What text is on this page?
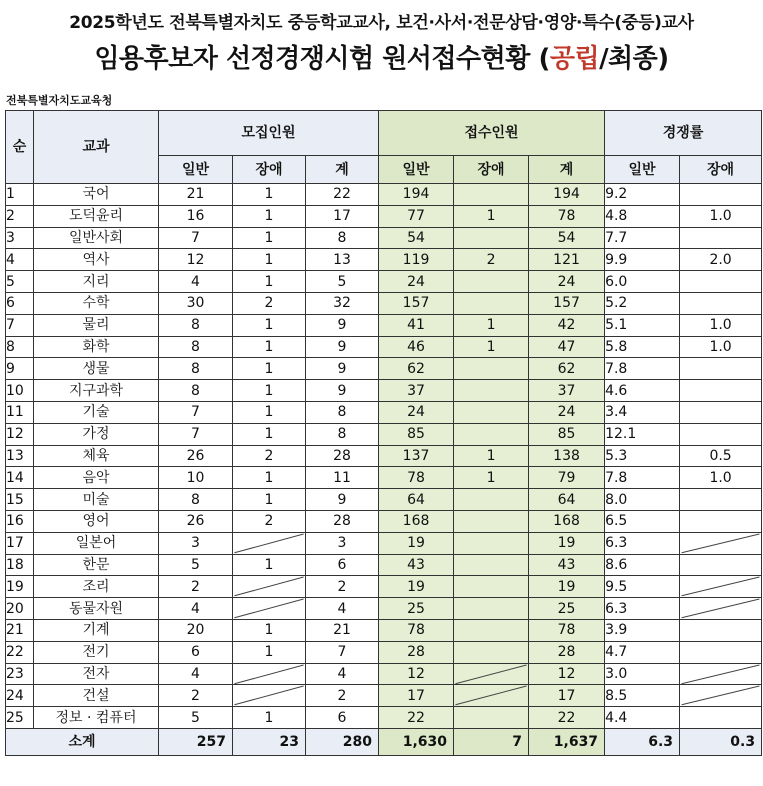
2025학년도 전북특별자치도 중등학교교사, 보건·사서·전문상담·영양·특수(중등)교사
임용후보자 선정경쟁시험 원서접수현황 (공립/최종)
전북특별자치도교육청
순	교과	모집인원			접수인원			경쟁률	
		일반	장애	계	일반	장애	계	일반	장애
1	국어	21	1	22	194		194	9.2	
2	도덕윤리	16	1	17	77	1	78	4.8	1.0
3	일반사회	7	1	8	54		54	7.7	
4	역사	12	1	13	119	2	121	9.9	2.0
5	지리	4	1	5	24		24	6.0	
6	수학	30	2	32	157		157	5.2	
7	물리	8	1	9	41	1	42	5.1	1.0
8	화학	8	1	9	46	1	47	5.8	1.0
9	생물	8	1	9	62		62	7.8	
10	지구과학	8	1	9	37		37	4.6	
11	기술	7	1	8	24		24	3.4	
12	가정	7	1	8	85		85	12.1	
13	체육	26	2	28	137	1	138	5.3	0.5
14	음악	10	1	11	78	1	79	7.8	1.0
15	미술	8	1	9	64		64	8.0	
16	영어	26	2	28	168		168	6.5	
17	일본어	3		3	19		19	6.3	

18	한문	5	1	6	43		43	8.6	
19	조리	2		2	19		19	9.5	

20	동물자원	4		4	25		25	6.3	

21	기계	20	1	21	78		78	3.9	
22	전기	6	1	7	28		28	4.7	
23	전자	4		4	12		12	3.0	

24	건설	2		2	17		17	8.5	

25	정보 · 컴퓨터	5	1	6	22		22	4.4	
소계		257	23	280	1,630	7	1,637	6.3	0.3
